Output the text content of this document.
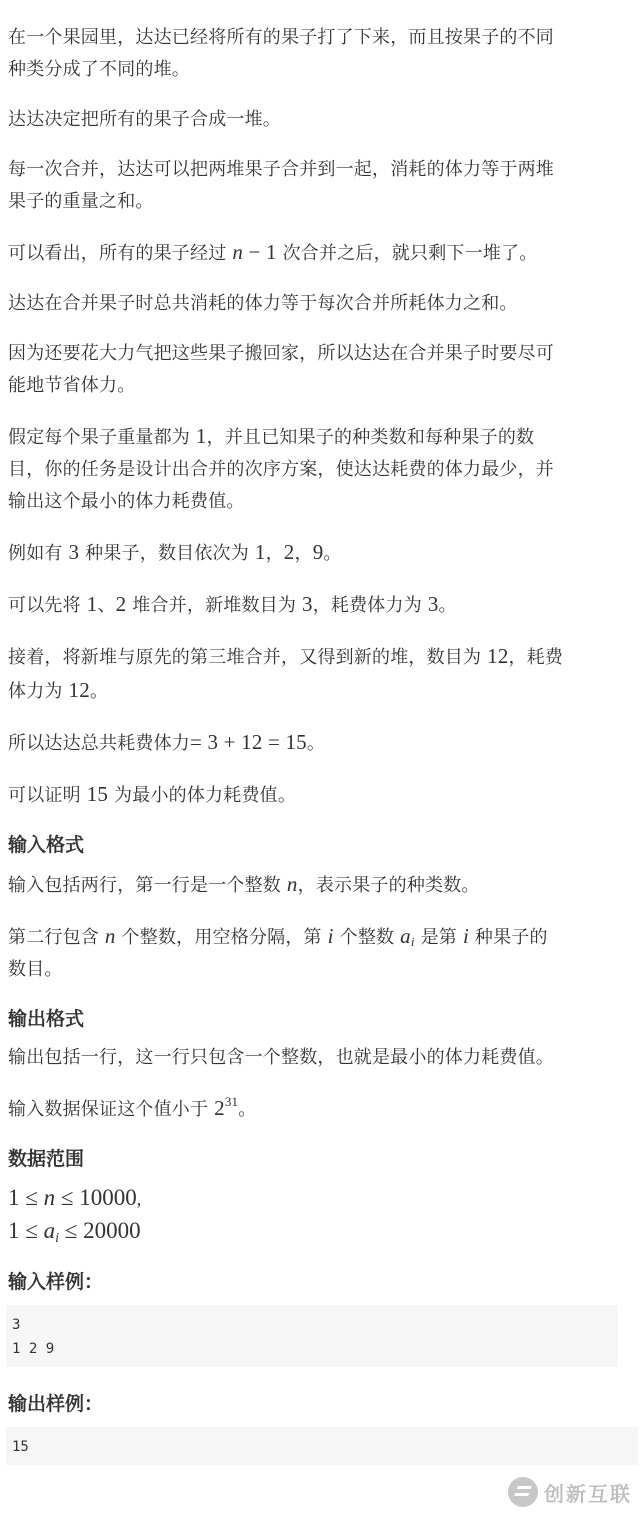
在一个果园里，达达已经将所有的果子打了下来，而且按果子的不同
种类分成了不同的堆。

达达决定把所有的果子合成一堆。

每一次合并，达达可以把两堆果子合并到一起，消耗的体力等于两堆
果子的重量之和。

可以看出，所有的果子经过 n − 1 次合并之后，就只剩下一堆了。

达达在合并果子时总共消耗的体力等于每次合并所耗体力之和。

因为还要花大力气把这些果子搬回家，所以达达在合并果子时要尽可
能地节省体力。

假定每个果子重量都为 1，并且已知果子的种类数和每种果子的数
目，你的任务是设计出合并的次序方案，使达达耗费的体力最少，并
输出这个最小的体力耗费值。

例如有 3 种果子，数目依次为 1，2，9。

可以先将 1、2 堆合并，新堆数目为 3，耗费体力为 3。

接着，将新堆与原先的第三堆合并，又得到新的堆，数目为 12，耗费
体力为 12。

所以达达总共耗费体力= 3 + 12 = 15。

可以证明 15 为最小的体力耗费值。

输入格式

输入包括两行，第一行是一个整数 n，表示果子的种类数。

第二行包含 n 个整数，用空格分隔，第 i 个整数 $a_i$ 是第 i 种果子的
数目。

输出格式

输出包括一行，这一行只包含一个整数，也就是最小的体力耗费值。

输入数据保证这个值小于 $2^{31}$。

数据范围
1 ≤ n ≤ 10000,
$1 \le a_i \le 20000$
输入样例：
3
1 2 9
输出样例：
15
创新互联
